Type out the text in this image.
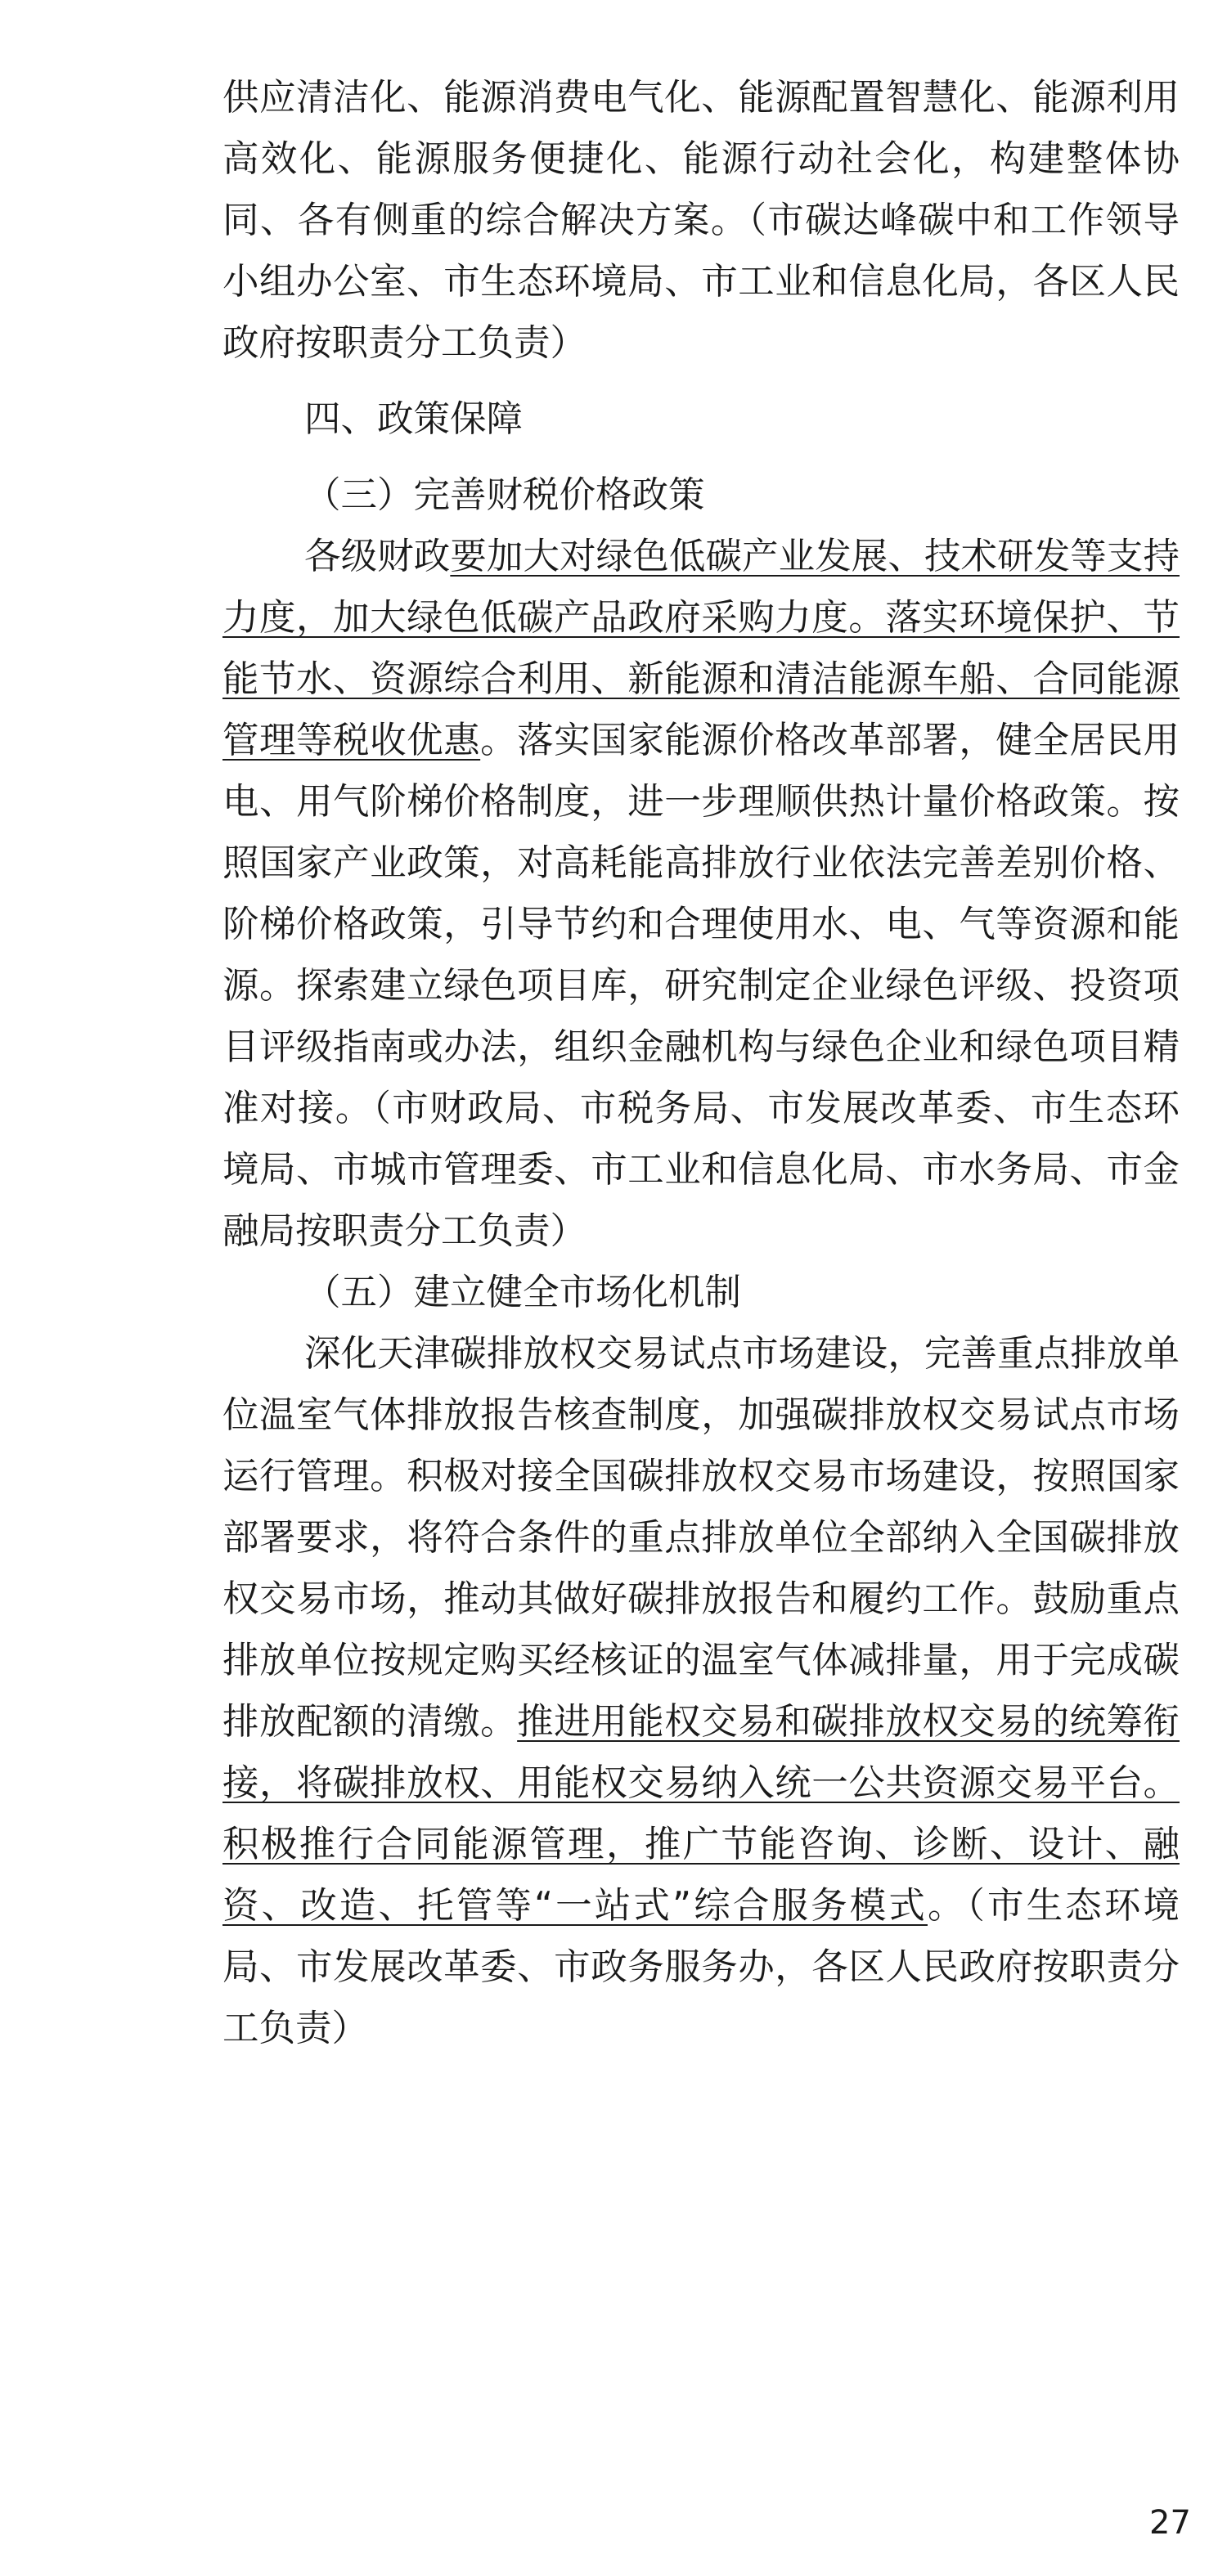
供应清洁化、能源消费电气化、能源配置智慧化、能源利用高效化、能源服务便捷化、能源行动社会化，构建整体协同、各有侧重的综合解决方案。（市碳达峰碳中和工作领导小组办公室、市生态环境局、市工业和信息化局，各区人民政府按职责分工负责）

四、政策保障

（三）完善财税价格政策

各级财政要加大对绿色低碳产业发展、技术研发等支持力度，加大绿色低碳产品政府采购力度。落实环境保护、节能节水、资源综合利用、新能源和清洁能源车船、合同能源管理等税收优惠。落实国家能源价格改革部署，健全居民用电、用气阶梯价格制度，进一步理顺供热计量价格政策。按照国家产业政策，对高耗能高排放行业依法完善差别价格、阶梯价格政策，引导节约和合理使用水、电、气等资源和能源。探索建立绿色项目库，研究制定企业绿色评级、投资项目评级指南或办法，组织金融机构与绿色企业和绿色项目精准对接。（市财政局、市税务局、市发展改革委、市生态环境局、市城市管理委、市工业和信息化局、市水务局、市金融局按职责分工负责）

（五）建立健全市场化机制

深化天津碳排放权交易试点市场建设，完善重点排放单位温室气体排放报告核查制度，加强碳排放权交易试点市场运行管理。积极对接全国碳排放权交易市场建设，按照国家部署要求，将符合条件的重点排放单位全部纳入全国碳排放权交易市场，推动其做好碳排放报告和履约工作。鼓励重点排放单位按规定购买经核证的温室气体减排量，用于完成碳排放配额的清缴。推进用能权交易和碳排放权交易的统筹衔接，将碳排放权、用能权交易纳入统一公共资源交易平台。积极推行合同能源管理，推广节能咨询、诊断、设计、融资、改造、托管等“一站式”综合服务模式。（市生态环境局、市发展改革委、市政务服务办，各区人民政府按职责分工负责）

27
